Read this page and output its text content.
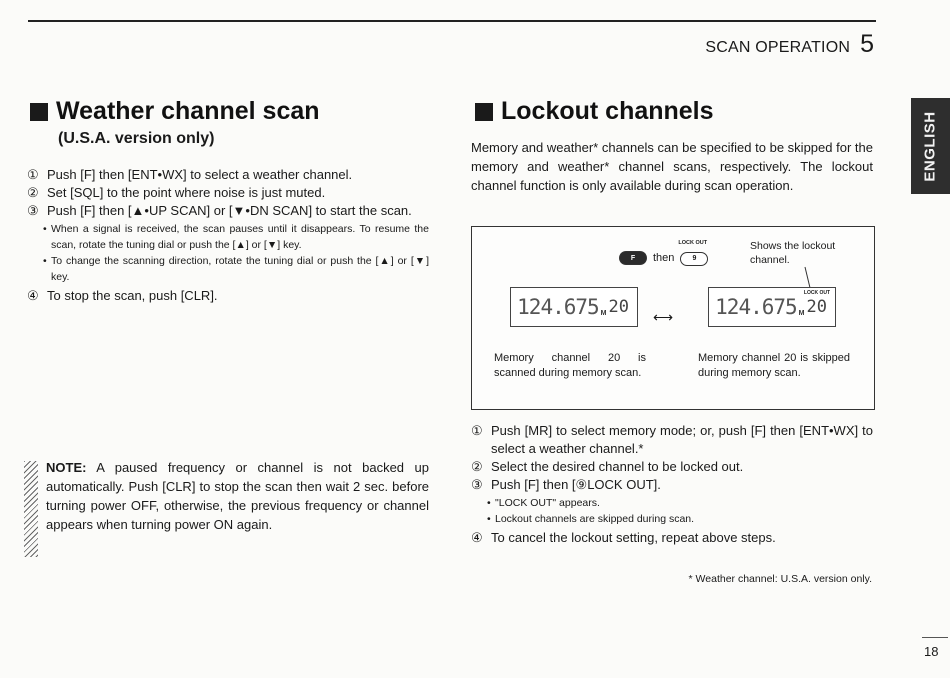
SCAN OPERATION 5
ENGLISH
Weather channel scan
(U.S.A. version only)
① Push [F] then [ENT•WX] to select a weather channel.
② Set [SQL] to the point where noise is just muted.
③ Push [F] then [▲•UP SCAN] or [▼•DN SCAN] to start the scan.
• When a signal is received, the scan pauses until it disappears. To resume the scan, rotate the tuning dial or push the [▲] or [▼] key.
• To change the scanning direction, rotate the tuning dial or push the [▲] or [▼] key.
④ To stop the scan, push [CLR].
NOTE: A paused frequency or channel is not backed up automatically. Push [CLR] to stop the scan then wait 2 sec. before turning power OFF, otherwise, the previous frequency or channel appears when turning power ON again.
Lockout channels
Memory and weather* channels can be specified to be skipped for the memory and weather* channel scans, respectively. The lockout channel function is only available during scan operation.
F	then
LOCK OUT
9
Shows the lockout channel.
124.675 M 20 ⟷
LOCK OUT
124.675 M 20
Memory channel 20 is scanned during memory scan.
Memory channel 20 is skipped during memory scan.
① Push [MR] to select memory mode; or, push [F] then [ENT•WX] to select a weather channel.*
② Select the desired channel to be locked out.
③ Push [F] then [⑨LOCK OUT].
• "LOCK OUT" appears.
• Lockout channels are skipped during scan.
④ To cancel the lockout setting, repeat above steps.
* Weather channel: U.S.A. version only.
18
